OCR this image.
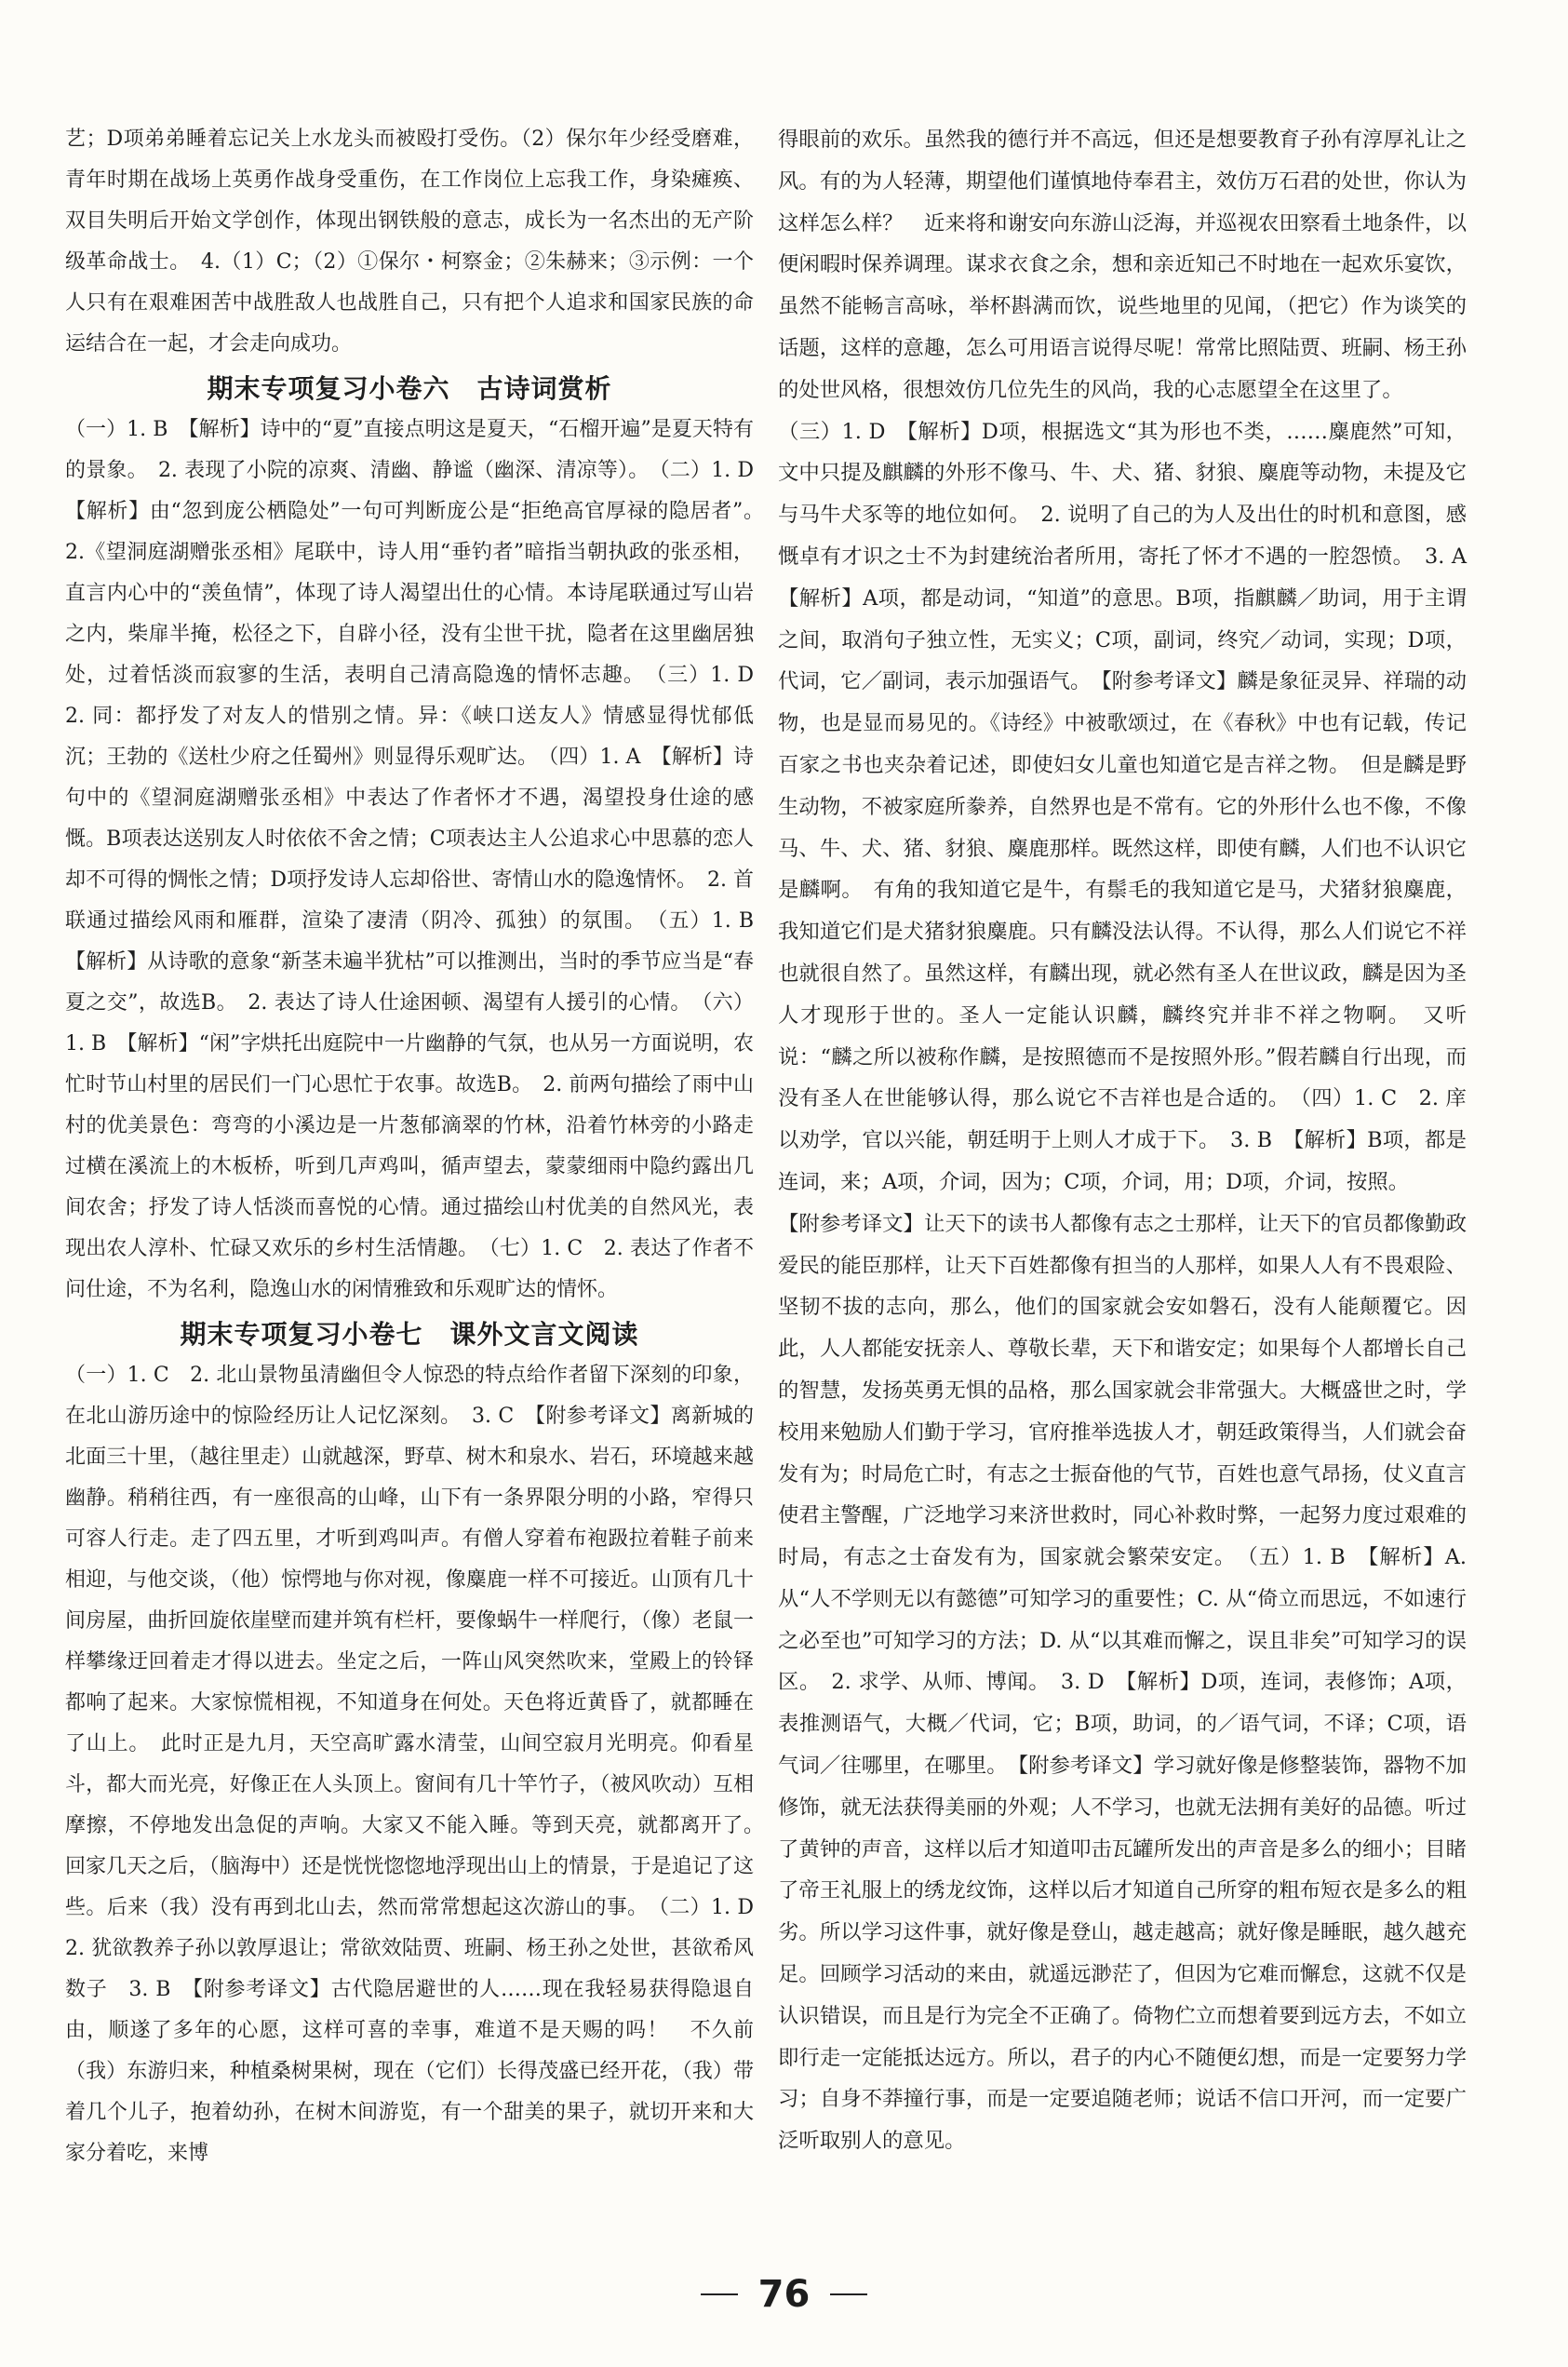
艺；D项弟弟睡着忘记关上水龙头而被殴打受伤。（2）保尔年少经受磨难，青年时期在战场上英勇作战身受重伤，在工作岗位上忘我工作，身染瘫痪、双目失明后开始文学创作，体现出钢铁般的意志，成长为一名杰出的无产阶级革命战士。　4.（1）C；（2）①保尔・柯察金；②朱赫来；③示例：一个人只有在艰难困苦中战胜敌人也战胜自己，只有把个人追求和国家民族的命运结合在一起，才会走向成功。

期末专项复习小卷六　古诗词赏析

（一）1. B　【解析】诗中的“夏”直接点明这是夏天，“石榴开遍”是夏天特有的景象。　2. 表现了小院的凉爽、清幽、静谧（幽深、清凉等）。　（二）1. D　【解析】由“忽到庞公栖隐处”一句可判断庞公是“拒绝高官厚禄的隐居者”。　2.《望洞庭湖赠张丞相》尾联中，诗人用“垂钓者”暗指当朝执政的张丞相，直言内心中的“羡鱼情”，体现了诗人渴望出仕的心情。本诗尾联通过写山岩之内，柴扉半掩，松径之下，自辟小径，没有尘世干扰，隐者在这里幽居独处，过着恬淡而寂寥的生活，表明自己清高隐逸的情怀志趣。　（三）1. D　2. 同：都抒发了对友人的惜别之情。异：《峡口送友人》情感显得忧郁低沉；王勃的《送杜少府之任蜀州》则显得乐观旷达。　（四）1. A　【解析】诗句中的《望洞庭湖赠张丞相》中表达了作者怀才不遇，渴望投身仕途的感慨。B项表达送别友人时依依不舍之情；C项表达主人公追求心中思慕的恋人却不可得的惆怅之情；D项抒发诗人忘却俗世、寄情山水的隐逸情怀。　2. 首联通过描绘风雨和雁群，渲染了凄清（阴冷、孤独）的氛围。　（五）1. B　【解析】从诗歌的意象“新茎未遍半犹枯”可以推测出，当时的季节应当是“春夏之交”，故选B。　2. 表达了诗人仕途困顿、渴望有人援引的心情。　（六）1. B　【解析】“闲”字烘托出庭院中一片幽静的气氛，也从另一方面说明，农忙时节山村里的居民们一门心思忙于农事。故选B。　2. 前两句描绘了雨中山村的优美景色：弯弯的小溪边是一片葱郁滴翠的竹林，沿着竹林旁的小路走过横在溪流上的木板桥，听到几声鸡叫，循声望去，蒙蒙细雨中隐约露出几间农舍；抒发了诗人恬淡而喜悦的心情。通过描绘山村优美的自然风光，表现出农人淳朴、忙碌又欢乐的乡村生活情趣。　（七）1. C　2. 表达了作者不问仕途，不为名利，隐逸山水的闲情雅致和乐观旷达的情怀。

期末专项复习小卷七　课外文言文阅读

（一）1. C　2. 北山景物虽清幽但令人惊恐的特点给作者留下深刻的印象，在北山游历途中的惊险经历让人记忆深刻。　3. C　【附参考译文】离新城的北面三十里，（越往里走）山就越深，野草、树木和泉水、岩石，环境越来越幽静。稍稍往西，有一座很高的山峰，山下有一条界限分明的小路，窄得只可容人行走。走了四五里，才听到鸡叫声。有僧人穿着布袍趿拉着鞋子前来相迎，与他交谈，（他）惊愕地与你对视，像麋鹿一样不可接近。山顶有几十间房屋，曲折回旋依崖壁而建并筑有栏杆，要像蜗牛一样爬行，（像）老鼠一样攀缘迂回着走才得以进去。坐定之后，一阵山风突然吹来，堂殿上的铃铎都响了起来。大家惊慌相视，不知道身在何处。天色将近黄昏了，就都睡在了山上。　此时正是九月，天空高旷露水清莹，山间空寂月光明亮。仰看星斗，都大而光亮，好像正在人头顶上。窗间有几十竿竹子，（被风吹动）互相摩擦，不停地发出急促的声响。大家又不能入睡。等到天亮，就都离开了。　回家几天之后，（脑海中）还是恍恍惚惚地浮现出山上的情景，于是追记了这些。后来（我）没有再到北山去，然而常常想起这次游山的事。　（二）1. D　2. 犹欲教养子孙以敦厚退让；常欲效陆贾、班嗣、杨王孙之处世，甚欲希风数子　3. B　【附参考译文】古代隐居避世的人……现在我轻易获得隐退自由，顺遂了多年的心愿，这样可喜的幸事，难道不是天赐的吗！　不久前（我）东游归来，种植桑树果树，现在（它们）长得茂盛已经开花，（我）带着几个儿子，抱着幼孙，在树木间游览，有一个甜美的果子，就切开来和大家分着吃，来博

得眼前的欢乐。虽然我的德行并不高远，但还是想要教育子孙有淳厚礼让之风。有的为人轻薄，期望他们谨慎地侍奉君主，效仿万石君的处世，你认为这样怎么样？　近来将和谢安向东游山泛海，并巡视农田察看土地条件，以便闲暇时保养调理。谋求衣食之余，想和亲近知己不时地在一起欢乐宴饮，虽然不能畅言高咏，举杯斟满而饮，说些地里的见闻，（把它）作为谈笑的话题，这样的意趣，怎么可用语言说得尽呢！常常比照陆贾、班嗣、杨王孙的处世风格，很想效仿几位先生的风尚，我的心志愿望全在这里了。

（三）1. D　【解析】D项，根据选文“其为形也不类，……麋鹿然”可知，文中只提及麒麟的外形不像马、牛、犬、猪、豺狼、麋鹿等动物，未提及它与马牛犬豕等的地位如何。　2. 说明了自己的为人及出仕的时机和意图，感慨卓有才识之士不为封建统治者所用，寄托了怀才不遇的一腔怨愤。　3. A　【解析】A项，都是动词，“知道”的意思。B项，指麒麟／助词，用于主谓之间，取消句子独立性，无实义；C项，副词，终究／动词，实现；D项，代词，它／副词，表示加强语气。　【附参考译文】麟是象征灵异、祥瑞的动物，也是显而易见的。《诗经》中被歌颂过，在《春秋》中也有记载，传记百家之书也夹杂着记述，即使妇女儿童也知道它是吉祥之物。　但是麟是野生动物，不被家庭所豢养，自然界也是不常有。它的外形什么也不像，不像马、牛、犬、猪、豺狼、麋鹿那样。既然这样，即使有麟，人们也不认识它是麟啊。　有角的我知道它是牛，有鬃毛的我知道它是马，犬猪豺狼麋鹿，我知道它们是犬猪豺狼麋鹿。只有麟没法认得。不认得，那么人们说它不祥也就很自然了。虽然这样，有麟出现，就必然有圣人在世议政，麟是因为圣人才现形于世的。圣人一定能认识麟，麟终究并非不祥之物啊。　又听说：“麟之所以被称作麟，是按照德而不是按照外形。”假若麟自行出现，而没有圣人在世能够认得，那么说它不吉祥也是合适的。　（四）1. C　2. 庠以劝学，官以兴能，朝廷明于上则人才成于下。　3. B　【解析】B项，都是连词，来；A项，介词，因为；C项，介词，用；D项，介词，按照。

【附参考译文】让天下的读书人都像有志之士那样，让天下的官员都像勤政爱民的能臣那样，让天下百姓都像有担当的人那样，如果人人有不畏艰险、坚韧不拔的志向，那么，他们的国家就会安如磐石，没有人能颠覆它。因此，人人都能安抚亲人、尊敬长辈，天下和谐安定；如果每个人都增长自己的智慧，发扬英勇无惧的品格，那么国家就会非常强大。大概盛世之时，学校用来勉励人们勤于学习，官府推举选拔人才，朝廷政策得当，人们就会奋发有为；时局危亡时，有志之士振奋他的气节，百姓也意气昂扬，仗义直言使君主警醒，广泛地学习来济世救时，同心补救时弊，一起努力度过艰难的时局，有志之士奋发有为，国家就会繁荣安定。　（五）1. B　【解析】A. 从“人不学则无以有懿德”可知学习的重要性；C. 从“倚立而思远，不如速行之必至也”可知学习的方法；D. 从“以其难而懈之，误且非矣”可知学习的误区。　2. 求学、从师、博闻。　3. D　【解析】D项，连词，表修饰；A项，表推测语气，大概／代词，它；B项，助词，的／语气词，不译；C项，语气词／往哪里，在哪里。　【附参考译文】学习就好像是修整装饰，器物不加修饰，就无法获得美丽的外观；人不学习，也就无法拥有美好的品德。听过了黄钟的声音，这样以后才知道叩击瓦罐所发出的声音是多么的细小；目睹了帝王礼服上的绣龙纹饰，这样以后才知道自己所穿的粗布短衣是多么的粗劣。所以学习这件事，就好像是登山，越走越高；就好像是睡眠，越久越充足。回顾学习活动的来由，就遥远渺茫了，但因为它难而懈怠，这就不仅是认识错误，而且是行为完全不正确了。倚物伫立而想着要到远方去，不如立即行走一定能抵达远方。所以，君子的内心不随便幻想，而是一定要努力学习；自身不莽撞行事，而是一定要追随老师；说话不信口开河，而一定要广泛听取别人的意见。

76
